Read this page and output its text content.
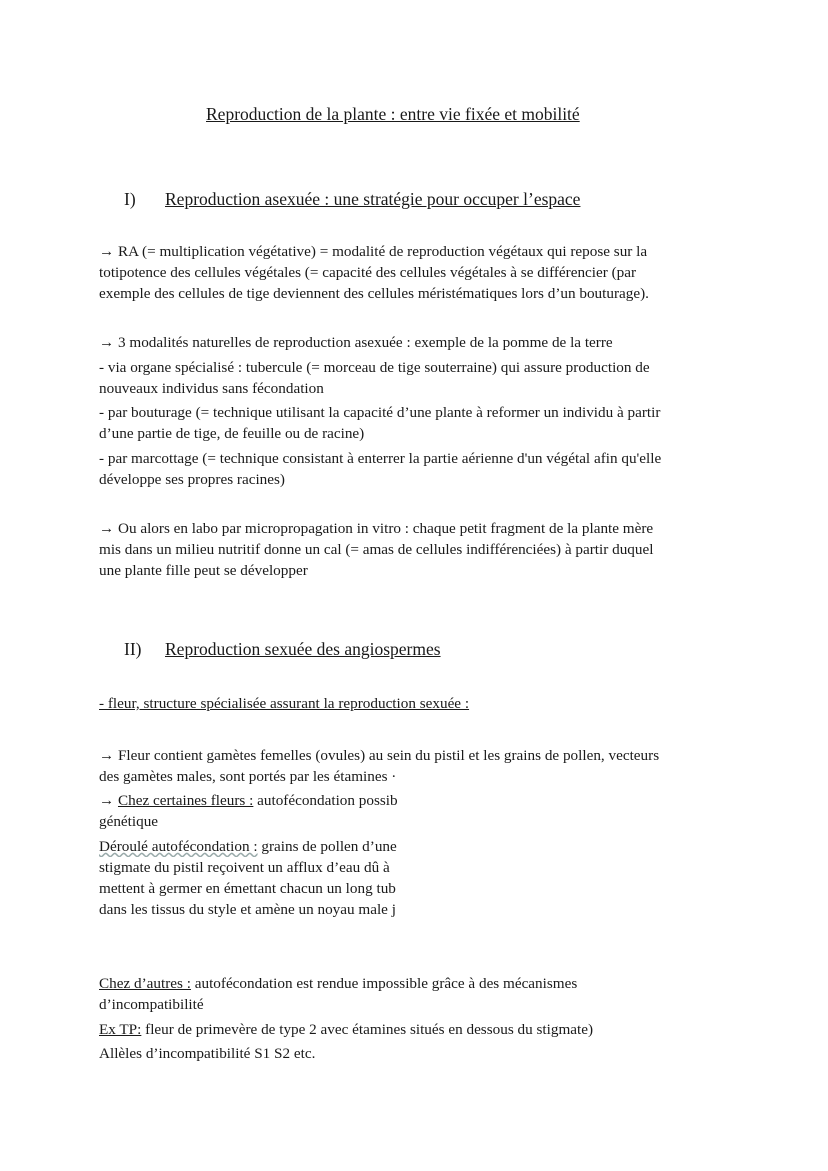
Reproduction de la plante : entre vie fixée et mobilité
I) Reproduction asexuée : une stratégie pour occuper l’espace
→ RA (= multiplication végétative) = modalité de reproduction végétaux qui repose sur la
totipotence des cellules végétales (= capacité des cellules végétales à se différencier (par
exemple des cellules de tige deviennent des cellules méristématiques lors d’un bouturage).
→ 3 modalités naturelles de reproduction asexuée : exemple de la pomme de la terre
- via organe spécialisé : tubercule (= morceau de tige souterraine) qui assure production de
nouveaux individus sans fécondation
- par bouturage (= technique utilisant la capacité d’une plante à reformer un individu à partir
d’une partie de tige, de feuille ou de racine)
- par marcottage (= technique consistant à enterrer la partie aérienne d'un végétal afin qu'elle
développe ses propres racines)
→ Ou alors en labo par micropropagation in vitro : chaque petit fragment de la plante mère
mis dans un milieu nutritif donne un cal (= amas de cellules indifférenciées) à partir duquel
une plante fille peut se développer
II) Reproduction sexuée des angiospermes
- fleur, structure spécialisée assurant la reproduction sexuée :
→ Fleur contient gamètes femelles (ovules) au sein du pistil et les grains de pollen, vecteurs
des gamètes males, sont portés par les étamines ·
→ Chez certaines fleurs : autofécondation possib
génétique
Déroulé autofécondation : grains de pollen d’une
stigmate du pistil reçoivent un afflux d’eau dû à
mettent à germer en émettant chacun un long tub
dans les tissus du style et amène un noyau male j
Chez d’autres : autofécondation est rendue impossible grâce à des mécanismes
d’incompatibilité
Ex TP: fleur de primevère de type 2 avec étamines situés en dessous du stigmate)
Allèles d’incompatibilité S1 S2 etc.
